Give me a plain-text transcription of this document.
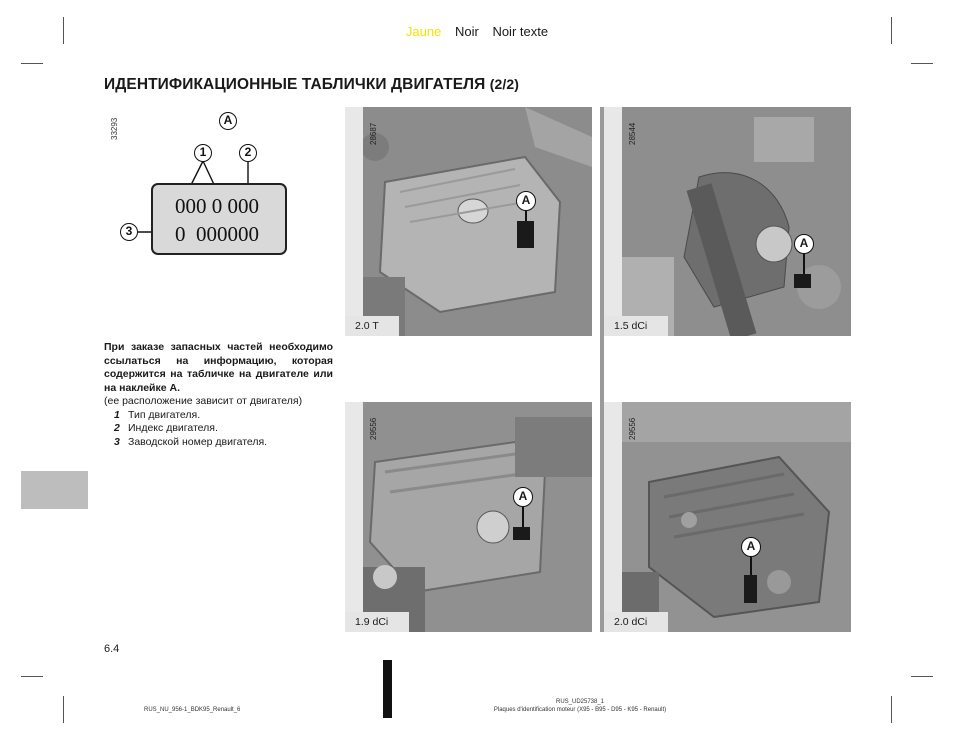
Jaune Noir Noir texte
ИДЕНТИФИКАЦИОННЫЕ ТАБЛИЧКИ ДВИГАТЕЛЯ (2/2)
33293	A
1	2
3
000 0 000
0  000000
При заказе запасных частей необходимо ссылаться на информацию, которая содержится на табличке на двигателе или на наклейке A.
(ее расположение зависит от двигателя)
1 Тип двигателя.
2 Индекс двигателя.
3 Заводской номер двигателя.
28687
A
2.0 T
28544
A
1.5 dCi
29556
A
1.9 dCi
29556
A
2.0 dCi
6.4
RUS_NU_956-1_BDK95_Renault_6
RUS_UD25738_1
Plaques d'identification moteur (X95 - B95 - D95 - K95 - Renault)
